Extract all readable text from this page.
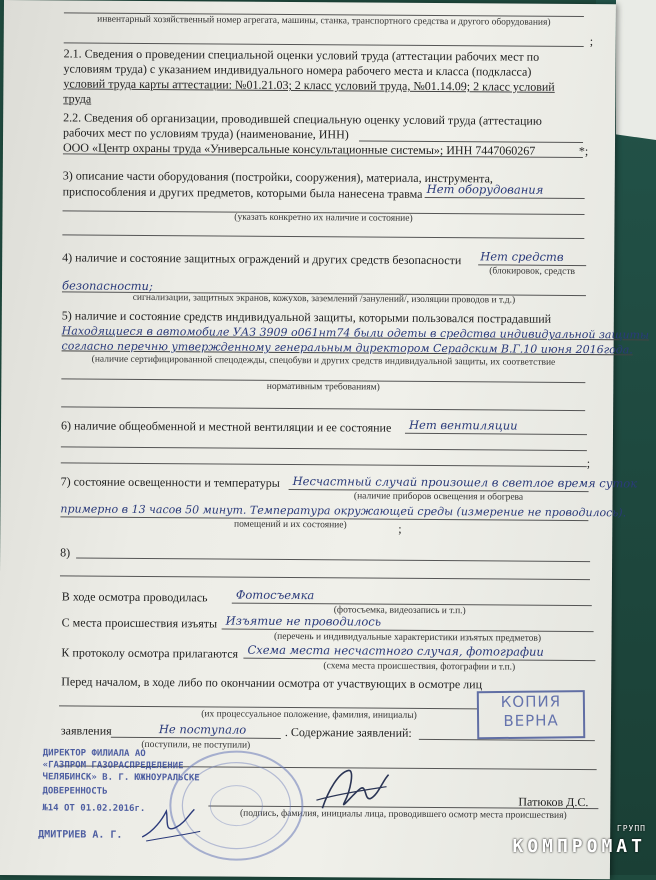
инвентарный хозяйственный номер агрегата, машины, станка, транспортного средства и другого оборудования)
;
2.1. Сведения о проведении специальной оценки условий труда (аттестации рабочих мест по
условиям труда) с указанием индивидуального номера рабочего места и класса (подкласса)
условий труда карты аттестации: №01.21.03; 2 класс условий труда, №01.14.09; 2 класс условий
труда
2.2. Сведения об организации, проводившей специальную оценку условий труда (аттестацию
рабочих мест по условиям труда) (наименование, ИНН)
ООО «Центр охраны труда «Универсальные консультационные системы»; ИНН 7447060267	*;
3) описание части оборудования (постройки, сооружения), материала, инструмента,
приспособления и других предметов, которыми была нанесена травма Нет оборудования
(указать конкретно их наличие и состояние)
4) наличие и состояние защитных ограждений и других средств безопасности Нет средств
(блокировок, средств
безопасности;
сигнализации, защитных экранов, кожухов, заземлений /занулений/, изоляции проводов и т.д.)
5) наличие и состояние средств индивидуальной защиты, которыми пользовался пострадавший
Находящиеся в автомобиле УАЗ 3909 о061нт74 были одеты в средства индивидуальной защиты
согласно перечню утвержденному генеральным директором Серадским В.Г.10 июня 2016года.
(наличие сертифицированной спецодежды, спецобуви и других средств индивидуальной защиты, их соответствие
нормативным требованиям)
6) наличие общеобменной и местной вентиляции и ее состояние Нет вентиляции
;
7) состояние освещенности и температуры Несчастный случай произошел в светлое время суток
(наличие приборов освещения и обогрева
примерно в 13 часов 50 минут. Температура окружающей среды (измерение не проводилось).
помещений и их состояние)	;
8)
В ходе осмотра проводилась Фотосъемка
(фотосъемка, видеозапись и т.п.)
С места происшествия изъяты Изъятие не проводилось
(перечень и индивидуальные характеристики изъятых предметов)
К протоколу осмотра прилагаются Схема места несчастного случая, фотографии
(схема места происшествия, фотографии и т.п.)
Перед началом, в ходе либо по окончании осмотра от участвующих в осмотре лиц
(их процессуальное положение, фамилия, инициалы)
заявления	Не поступало	. Содержание заявлений:
(поступили, не поступили)
Патюков Д.С.
(подпись, фамилия, инициалы лица, проводившего осмотр места происшествия)
КОПИЯ
ВЕРНА
ДИРЕКТОР ФИЛИАЛА АО
«ГАЗПРОМ ГАЗОРАСПРЕДЕЛЕНИЕ
ЧЕЛЯБИНСК» В. Г. ЮЖНОУРАЛЬСКЕ
ДОВЕРЕННОСТЬ
№14 ОТ 01.02.2016г.
ДМИТРИЕВ А. Г.
ГРУПП
КОМПРОМАТ
